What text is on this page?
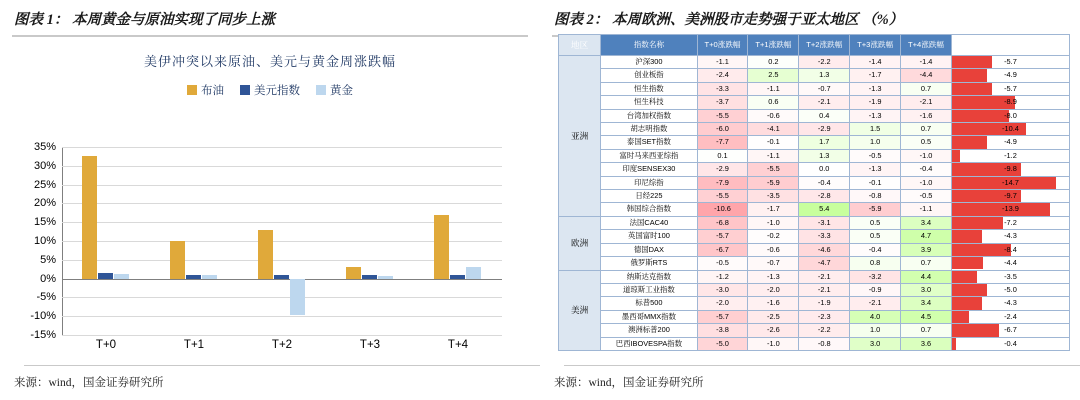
图表 1： 本周黄金与原油实现了同步上涨
美伊冲突以来原油、美元与黄金周涨跌幅
布油	美元指数	黄金
35%
30%
25%
20%
15%
10%
5%
0%
-5%
-10%
-15%
T+0	T+1	T+2	T+3	T+4
来源：wind，国金证券研究所
图表 2： 本周欧洲、美洲股市走势强于亚太地区 （%）
地区	指数名称	T+0涨跌幅	T+1涨跌幅	T+2涨跌幅	T+3涨跌幅	T+4涨跌幅	美伊冲突以来区间涨跌幅
亚洲	沪深300	-1.1	0.2	-2.2	-1.4	-1.4	-5.7

	创业板指	-2.4	2.5	1.3	-1.7	-4.4	-4.9

	恒生指数	-3.3	-1.1	-0.7	-1.3	0.7	-5.7

	恒生科技	-3.7	0.6	-2.1	-1.9	-2.1	-8.9

	台湾加权指数	-5.5	-0.6	0.4	-1.3	-1.6	-8.0

	胡志明指数	-6.0	-4.1	-2.9	1.5	0.7	-10.4

	泰国SET指数	-7.7	-0.1	1.7	1.0	0.5	-4.9

	富时马来西亚综指	0.1	-1.1	1.3	-0.5	-1.0	-1.2

	印度SENSEX30	-2.9	-5.5	0.0	-1.3	-0.4	-9.8

	印尼综指	-7.9	-5.9	-0.4	-0.1	-1.0	-14.7

	日经225	-5.5	-3.5	-2.8	-0.8	-0.5	-9.7

	韩国综合指数	-10.6	-1.7	5.4	-5.9	-1.1	-13.9

欧洲	法国CAC40	-6.8	-1.0	-3.1	0.5	3.4	-7.2

	英国富时100	-5.7	-0.2	-3.3	0.5	4.7	-4.3

	德国DAX	-6.7	-0.6	-4.6	-0.4	3.9	-8.4

	俄罗斯RTS	-0.5	-0.7	-4.7	0.8	0.7	-4.4

美洲	纳斯达克指数	-1.2	-1.3	-2.1	-3.2	4.4	-3.5

	道琼斯工业指数	-3.0	-2.0	-2.1	-0.9	3.0	-5.0

	标普500	-2.0	-1.6	-1.9	-2.1	3.4	-4.3

	墨西哥MMX指数	-5.7	-2.5	-2.3	4.0	4.5	-2.4

	澳洲标普200	-3.8	-2.6	-2.2	1.0	0.7	-6.7

	巴西IBOVESPA指数	-5.0	-1.0	-0.8	3.0	3.6	-0.4
来源：wind，国金证券研究所
